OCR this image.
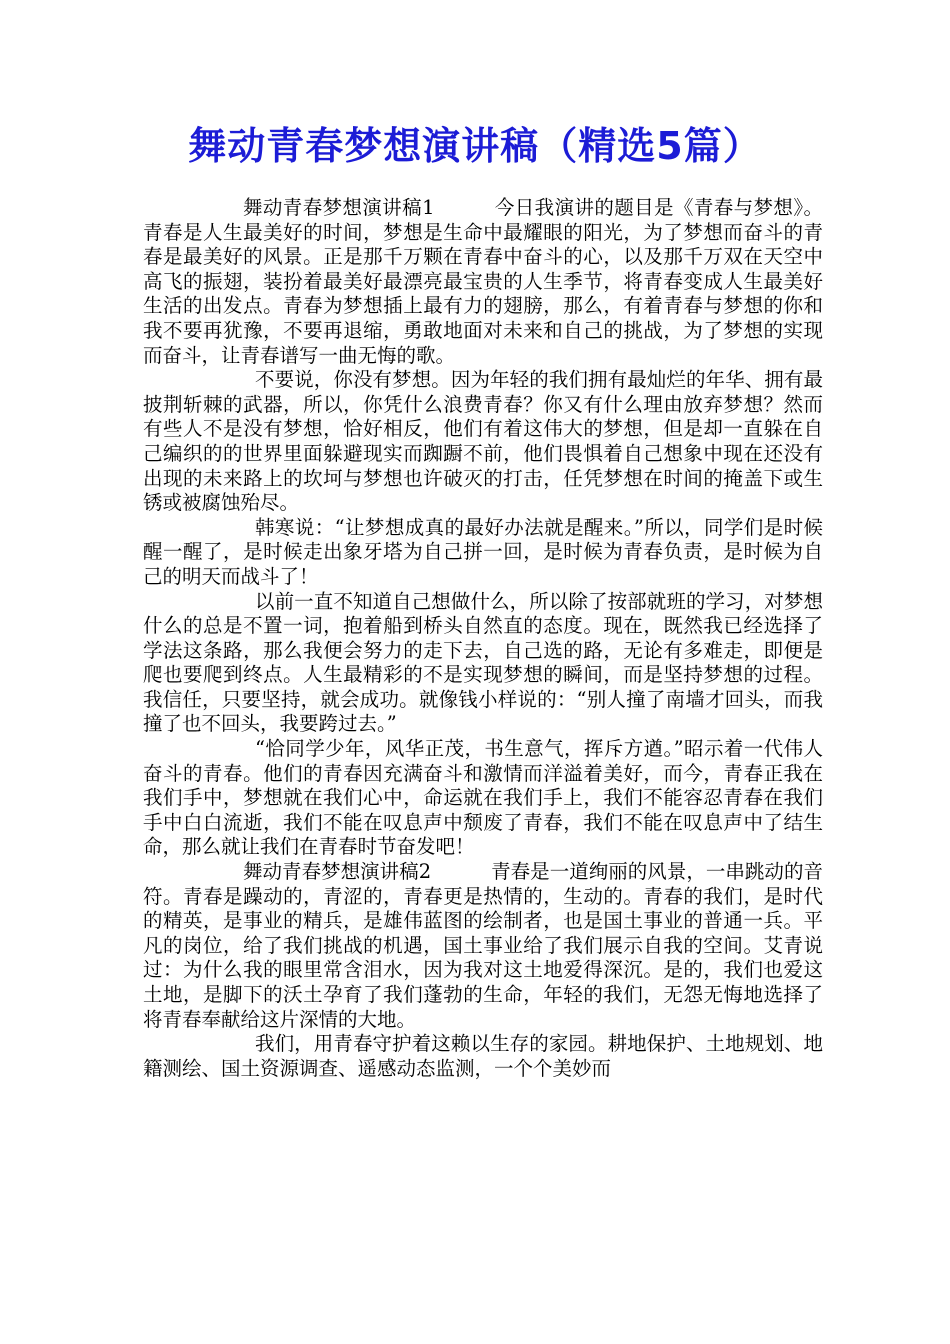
舞动青春梦想演讲稿（精选5篇）

舞动青春梦想演讲稿1	今日我演讲的题目是《青春与梦想》。青春是人生最美好的时间，梦想是生命中最耀眼的阳光，为了梦想而奋斗的青春是最美好的风景。正是那千万颗在青春中奋斗的心，以及那千万双在天空中高飞的振翅，装扮着最美好最漂亮最宝贵的人生季节，将青春变成人生最美好生活的出发点。青春为梦想插上最有力的翅膀，那么，有着青春与梦想的你和我不要再犹豫，不要再退缩，勇敢地面对未来和自己的挑战，为了梦想的实现而奋斗，让青春谱写一曲无悔的歌。

不要说，你没有梦想。因为年轻的我们拥有最灿烂的年华、拥有最披荆斩棘的武器，所以，你凭什么浪费青春？你又有什么理由放弃梦想？然而有些人不是没有梦想，恰好相反，他们有着这伟大的梦想，但是却一直躲在自己编织的的世界里面躲避现实而踟蹰不前，他们畏惧着自己想象中现在还没有出现的未来路上的坎坷与梦想也许破灭的打击，任凭梦想在时间的掩盖下或生锈或被腐蚀殆尽。

韩寒说：“让梦想成真的最好办法就是醒来。”所以，同学们是时候醒一醒了，是时候走出象牙塔为自己拼一回，是时候为青春负责，是时候为自己的明天而战斗了！

以前一直不知道自己想做什么，所以除了按部就班的学习，对梦想什么的总是不置一词，抱着船到桥头自然直的态度。现在，既然我已经选择了学法这条路，那么我便会努力的走下去，自己选的路，无论有多难走，即便是爬也要爬到终点。人生最精彩的不是实现梦想的瞬间，而是坚持梦想的过程。我信任，只要坚持，就会成功。就像钱小样说的：“别人撞了南墙才回头，而我撞了也不回头，我要跨过去。”

“恰同学少年，风华正茂，书生意气，挥斥方遒。”昭示着一代伟人奋斗的青春。他们的青春因充满奋斗和激情而洋溢着美好，而今，青春正我在我们手中，梦想就在我们心中，命运就在我们手上，我们不能容忍青春在我们手中白白流逝，我们不能在叹息声中颓废了青春，我们不能在叹息声中了结生命，那么就让我们在青春时节奋发吧！

舞动青春梦想演讲稿2	青春是一道绚丽的风景，一串跳动的音符。青春是躁动的，青涩的，青春更是热情的，生动的。青春的我们，是时代的精英，是事业的精兵，是雄伟蓝图的绘制者，也是国土事业的普通一兵。平凡的岗位，给了我们挑战的机遇，国土事业给了我们展示自我的空间。艾青说过：为什么我的眼里常含泪水，因为我对这土地爱得深沉。是的，我们也爱这土地，是脚下的沃土孕育了我们蓬勃的生命，年轻的我们，无怨无悔地选择了将青春奉献给这片深情的大地。

我们，用青春守护着这赖以生存的家园。耕地保护、土地规划、地籍测绘、国土资源调查、遥感动态监测，一个个美妙而
